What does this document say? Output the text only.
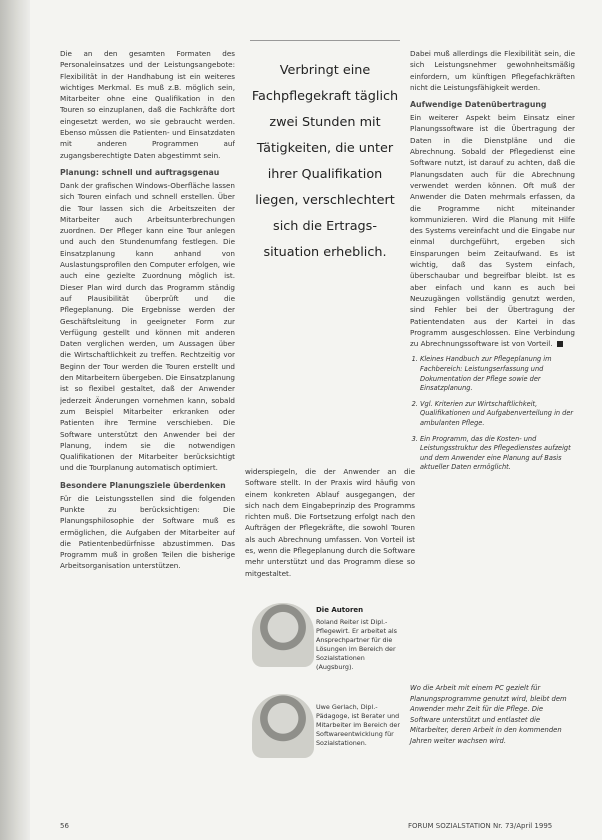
Die an den gesamten Formaten des Personaleinsatzes und der Leistungsangebote: Flexibilität in der Handhabung ist ein weiteres wichtiges Merkmal. Es muß z.B. möglich sein, Mitarbeiter ohne eine Qualifikation in den Touren so einzuplanen, daß die Fachkräfte dort eingesetzt werden, wo sie gebraucht werden. Ebenso müssen die Patienten- und Einsatzdaten mit anderen Programmen auf zugangsberechtigte Daten abgestimmt sein.

Planung: schnell und auftragsgenau

Dank der grafischen Windows-Oberfläche lassen sich Touren einfach und schnell erstellen. Über die Tour lassen sich die Arbeitszeiten der Mitarbeiter auch Arbeitsunterbrechungen zuordnen. Der Pfleger kann eine Tour anlegen und auch den Stundenumfang festlegen. Die Einsatzplanung kann anhand von Auslastungsprofilen den Computer erfolgen, wie auch eine gezielte Zuordnung möglich ist. Dieser Plan wird durch das Programm ständig auf Plausibilität überprüft und die Pflegeplanung. Die Ergebnisse werden der Geschäftsleitung in geeigneter Form zur Verfügung gestellt und können mit anderen Daten verglichen werden, um Aussagen über die Wirtschaftlichkeit zu treffen. Rechtzeitig vor Beginn der Tour werden die Touren erstellt und den Mitarbeitern übergeben. Die Einsatzplanung ist so flexibel gestaltet, daß der Anwender jederzeit Änderungen vornehmen kann, sobald zum Beispiel Mitarbeiter erkranken oder Patienten ihre Termine verschieben. Die Software unterstützt den Anwender bei der Planung, indem sie die notwendigen Qualifikationen der Mitarbeiter berücksichtigt und die Tourplanung automatisch optimiert.

Besondere Planungsziele überdenken

Für die Leistungsstellen sind die folgenden Punkte zu berücksichtigen: Die Planungsphilosophie der Software muß es ermöglichen, die Aufgaben der Mitarbeiter auf die Patientenbedürfnisse abzustimmen. Das Programm muß in großen Teilen die bisherige Arbeitsorganisation unterstützen.

Verbringt eine Fachpflegekraft täglich zwei Stunden mit Tätigkeiten, die unter ihrer Qualifikation liegen, verschlechtert sich die Ertrags-situation erheblich.

widerspiegeln, die der Anwender an die Software stellt. In der Praxis wird häufig von einem konkreten Ablauf ausgegangen, der sich nach dem Eingabeprinzip des Programms richten muß. Die Fortsetzung erfolgt nach den Aufträgen der Pflegekräfte, die sowohl Touren als auch Abrechnung umfassen. Von Vorteil ist es, wenn die Pflegeplanung durch die Software mehr unterstützt und das Programm diese so mitgestaltet.

Dabei muß allerdings die Flexibilität sein, die sich Leistungsnehmer gewohnheitsmäßig einfordern, um künftigen Pflegefachkräften nicht die Leistungsfähigkeit werden.

Aufwendige Datenübertragung

Ein weiterer Aspekt beim Einsatz einer Planungssoftware ist die Übertragung der Daten in die Dienstpläne und die Abrechnung. Sobald der Pflegedienst eine Software nutzt, ist darauf zu achten, daß die Planungsdaten auch für die Abrechnung verwendet werden können. Oft muß der Anwender die Daten mehrmals erfassen, da die Programme nicht miteinander kommunizieren. Wird die Planung mit Hilfe des Systems vereinfacht und die Eingabe nur einmal durchgeführt, ergeben sich Einsparungen beim Zeitaufwand. Es ist wichtig, daß das System einfach, überschaubar und begreifbar bleibt. Ist es aber einfach und kann es auch bei Neuzugängen vollständig genutzt werden, sind Fehler bei der Übertragung der Patientendaten aus der Kartei in das Programm ausgeschlossen. Eine Verbindung zu Abrechnungssoftware ist von Vorteil.

1. Kleines Handbuch zur Pflegeplanung im Fachbereich: Leistungserfassung und Dokumentation der Pflege sowie der Einsatzplanung.
2. Vgl. Kriterien zur Wirtschaftlichkeit, Qualifikationen und Aufgabenverteilung in der ambulanten Pflege.
3. Ein Programm, das die Kosten- und Leistungsstruktur des Pflegedienstes aufzeigt und dem Anwender eine Planung auf Basis aktueller Daten ermöglicht.
Die Autoren
Roland Reiter ist Dipl.-Pflegewirt. Er arbeitet als Ansprechpartner für die Lösungen im Bereich der Sozialstationen (Augsburg).
Uwe Gerlach, Dipl.-Pädagoge, ist Berater und Mitarbeiter im Bereich der Softwareentwicklung für Sozialstationen.
Wo die Arbeit mit einem PC gezielt für Planungsprogramme genutzt wird, bleibt dem Anwender mehr Zeit für die Pflege. Die Software unterstützt und entlastet die Mitarbeiter, deren Arbeit in den kommenden Jahren weiter wachsen wird.
56	FORUM SOZIALSTATION Nr. 73/April 1995
